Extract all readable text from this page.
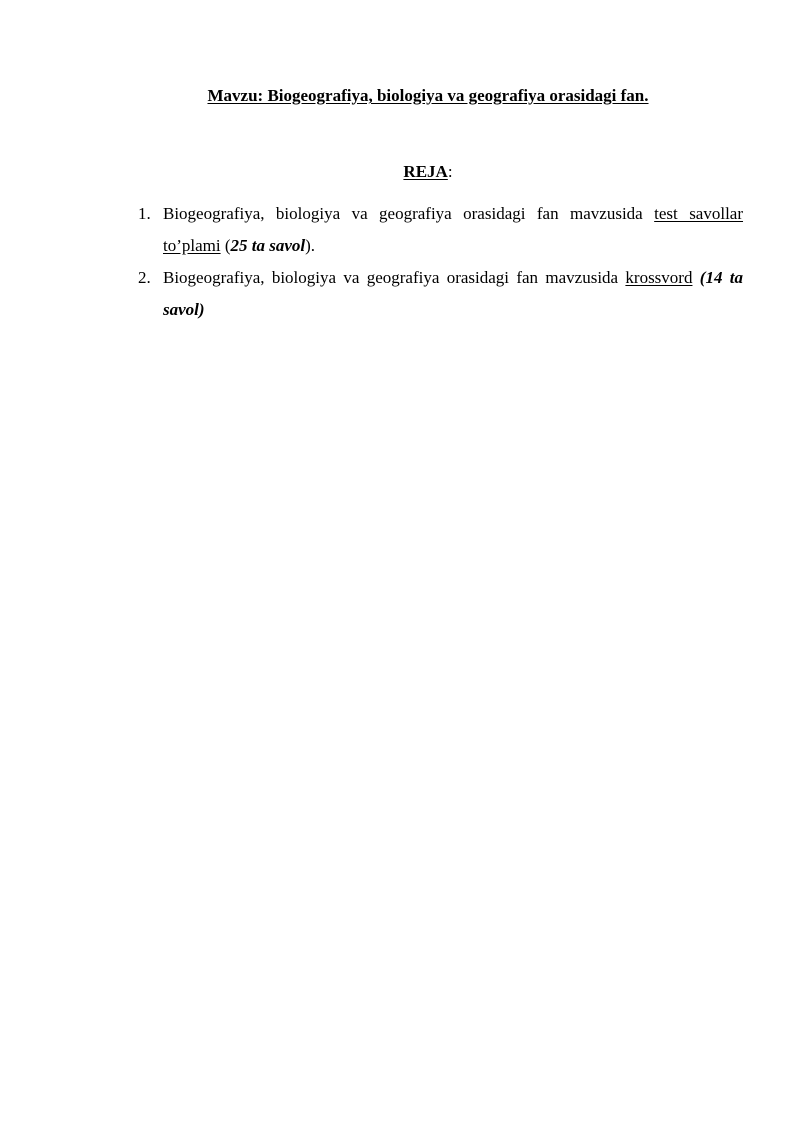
Mavzu: Biogeografiya, biologiya va geografiya orasidagi fan.
REJA:
1. Biogeografiya, biologiya va geografiya orasidagi fan mavzusida test savollar to’plami (25 ta savol).
2. Biogeografiya, biologiya va geografiya orasidagi fan mavzusida krossvord (14 ta savol)
